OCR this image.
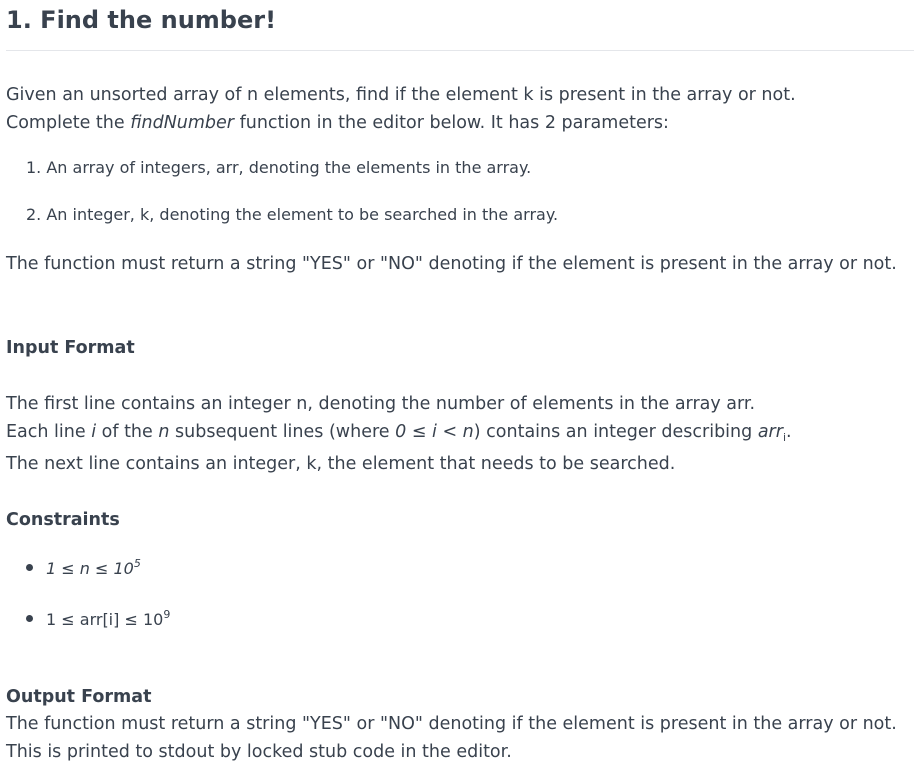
1. Find the number!

Given an unsorted array of n elements, find if the element k is present in the array or not.

Complete the findNumber function in the editor below. It has 2 parameters:

1. An array of integers, arr, denoting the elements in the array.

2. An integer, k, denoting the element to be searched in the array.

The function must return a string "YES" or "NO" denoting if the element is present in the array or not.

Input Format

The first line contains an integer n, denoting the number of elements in the array arr.

Each line i of the n subsequent lines (where 0 ≤ i < n) contains an integer describing arr$_i$.

The next line contains an integer, k, the element that needs to be searched.

Constraints
$1 \le n \le 10^5$
$1 \le arr[i] \le 10^9$
Output Format

The function must return a string "YES" or "NO" denoting if the element is present in the array or not. This is printed to stdout by locked stub code in the editor.
